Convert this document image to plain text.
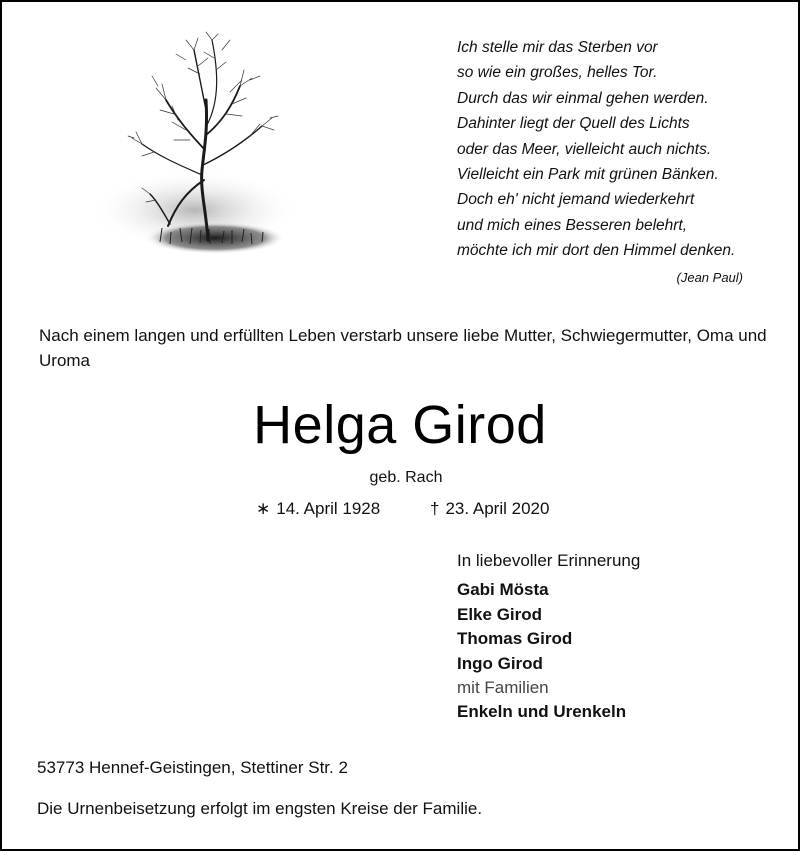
Ich stelle mir das Sterben vor
so wie ein großes, helles Tor.
Durch das wir einmal gehen werden.
Dahinter liegt der Quell des Lichts
oder das Meer, vielleicht auch nichts.
Vielleicht ein Park mit grünen Bänken.
Doch eh' nicht jemand wiederkehrt
und mich eines Besseren belehrt,
möchte ich mir dort den Himmel denken.
(Jean Paul)
Nach einem langen und erfüllten Leben verstarb unsere liebe Mutter, Schwiegermutter, Oma und Uroma
Helga Girod
geb. Rach
∗ 14. April 1928	† 23. April 2020
In liebevoller Erinnerung
Gabi Mösta
Elke Girod
Thomas Girod
Ingo Girod
mit Familien
Enkeln und Urenkeln
53773 Hennef-Geistingen, Stettiner Str. 2
Die Urnenbeisetzung erfolgt im engsten Kreise der Familie.
